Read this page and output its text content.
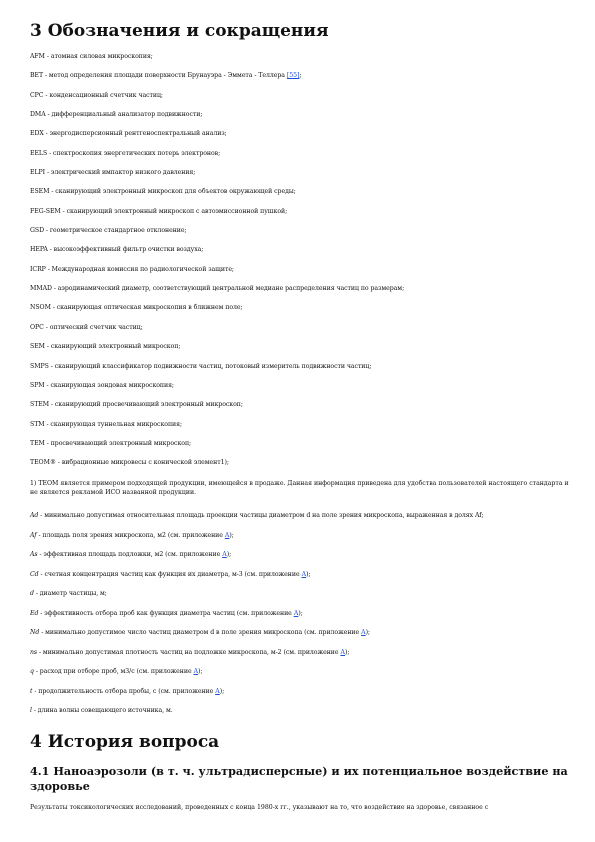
3 Обозначения и сокращения

AFM - атомная силовая микроскопия;

BET - метод определения площади поверхности Брунауэра - Эммета - Теллера [55];

CPC - конденсационный счетчик частиц;

DMA - дифференциальный анализатор подвижности;

EDX - энергодисперсионный рентгеноспектральный анализ;

EELS - спектроскопия энергетических потерь электронов;

ELPI - электрический импактор низкого давления;

ESEM - сканирующий электронный микроскоп для объектов окружающей среды;

FEG-SEM - сканирующий электронный микроскоп с автоэмиссионной пушкой;

GSD - геометрическое стандартное отклонение;

HEPA - высокоэффективный фильтр очистки воздуха;

ICRP - Международная комиссия по радиологической защите;

MMAD - аэродинамический диаметр, соответствующий центральной медиане распределения частиц по размерам;

NSOM - сканирующая оптическая микроскопия в ближнем поле;

OPC - оптический счетчик частиц;

SEM - сканирующий электронный микроскоп;

SMPS - сканирующий классификатор подвижности частиц, потоковый измеритель подвижности частиц;

SPM - сканирующая зондовая микроскопия;

STEM - сканирующий просвечивающий электронный микроскоп;

STM - сканирующая туннельная микроскопия;

TEM - просвечивающий электронный микроскоп;

TEOM® - вибрационные микровесы с конической элемент1);

1) TEOM является примером подходящей продукции, имеющейся в продаже. Данная информация приведена для удобства пользователей настоящего стандарта и не является рекламой ИСО названной продукции.

Ad - минимально допустимая относительная площадь проекции частицы диаметром d на поле зрения микроскопа, выраженная в долях Af;

Af - площадь поля зрения микроскопа, м2 (см. приложение А);

As - эффективная площадь подложки, м2 (см. приложение А);

Cd - счетная концентрация частиц как функция их диаметра, м-3 (см. приложение А);

d - диаметр частицы, м;

Ed - эффективность отбора проб как функция диаметра частиц (см. приложение А);

Nd - минимально допустимое число частиц диаметром d в поле зрения микроскопа (см. приложение А);

ns - минимально допустимая плотность частиц на подложке микроскопа, м-2 (см. приложение А);

q - расход при отборе проб, м3/с (см. приложение А);

t - продолжительность отбора пробы, с (см. приложение А);

l - длина волны совещающего источника, м.

4 История вопроса
4.1 Наноаэрозоли (в т. ч. ультрадисперсные) и их потенциальное воздействие на здоровье

Результаты токсикологических исследований, проведенных с конца 1980-х гг., указывают на то, что воздействие на здоровье, связанное с
